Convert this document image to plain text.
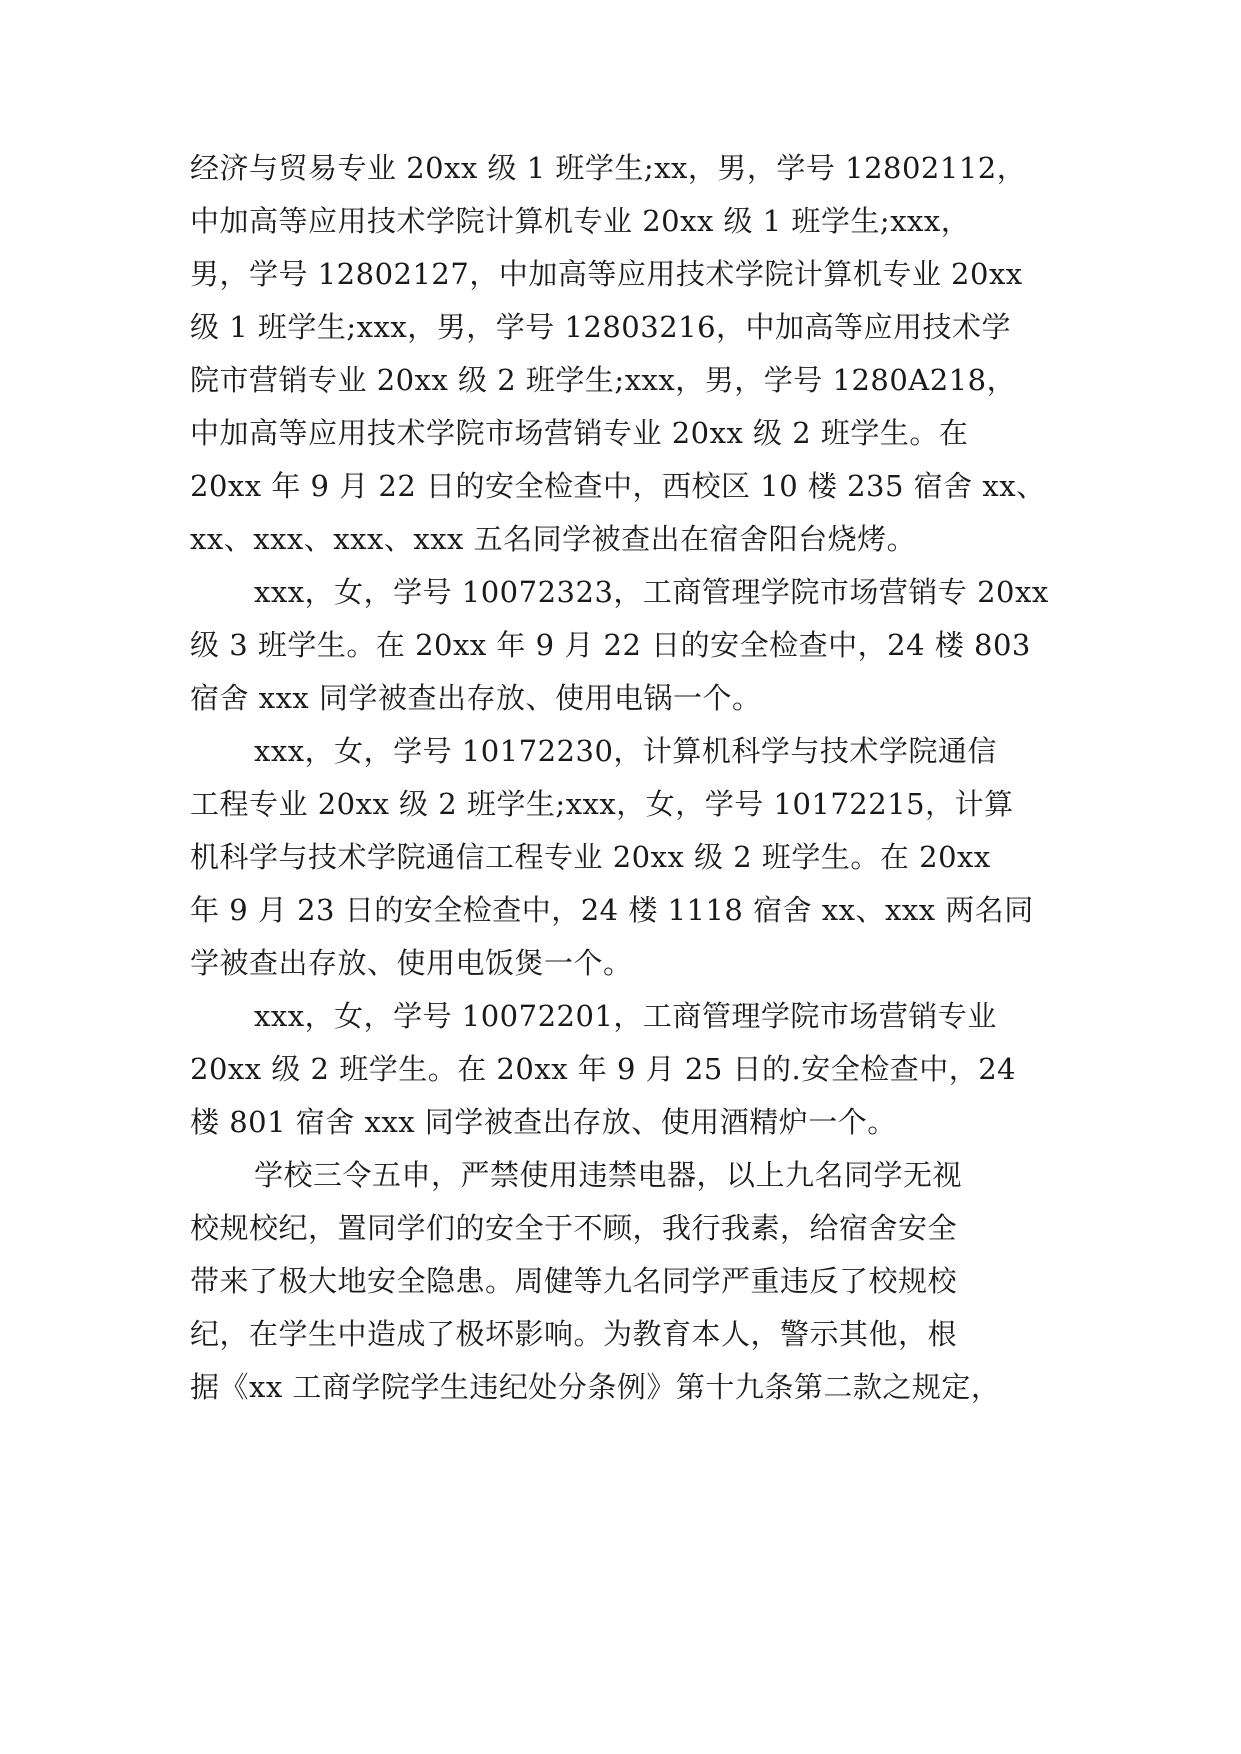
经济与贸易专业 20xx 级 1 班学生;xx，男，学号 12802112，
中加高等应用技术学院计算机专业 20xx 级 1 班学生;xxx，
男，学号 12802127，中加高等应用技术学院计算机专业 20xx
级 1 班学生;xxx，男，学号 12803216，中加高等应用技术学
院市营销专业 20xx 级 2 班学生;xxx，男，学号 1280A218，
中加高等应用技术学院市场营销专业 20xx 级 2 班学生。在
20xx 年 9 月 22 日的安全检查中，西校区 10 楼 235 宿舍 xx、
xx、xxx、xxx、xxx 五名同学被查出在宿舍阳台烧烤。
xxx，女，学号 10072323，工商管理学院市场营销专 20xx
级 3 班学生。在 20xx 年 9 月 22 日的安全检查中，24 楼 803
宿舍 xxx 同学被查出存放、使用电锅一个。
xxx，女，学号 10172230，计算机科学与技术学院通信
工程专业 20xx 级 2 班学生;xxx，女，学号 10172215，计算
机科学与技术学院通信工程专业 20xx 级 2 班学生。在 20xx
年 9 月 23 日的安全检查中，24 楼 1118 宿舍 xx、xxx 两名同
学被查出存放、使用电饭煲一个。
xxx，女，学号 10072201，工商管理学院市场营销专业
20xx 级 2 班学生。在 20xx 年 9 月 25 日的.安全检查中，24
楼 801 宿舍 xxx 同学被查出存放、使用酒精炉一个。
学校三令五申，严禁使用违禁电器，以上九名同学无视
校规校纪，置同学们的安全于不顾，我行我素，给宿舍安全
带来了极大地安全隐患。周健等九名同学严重违反了校规校
纪，在学生中造成了极坏影响。为教育本人，警示其他，根
据《xx 工商学院学生违纪处分条例》第十九条第二款之规定，
